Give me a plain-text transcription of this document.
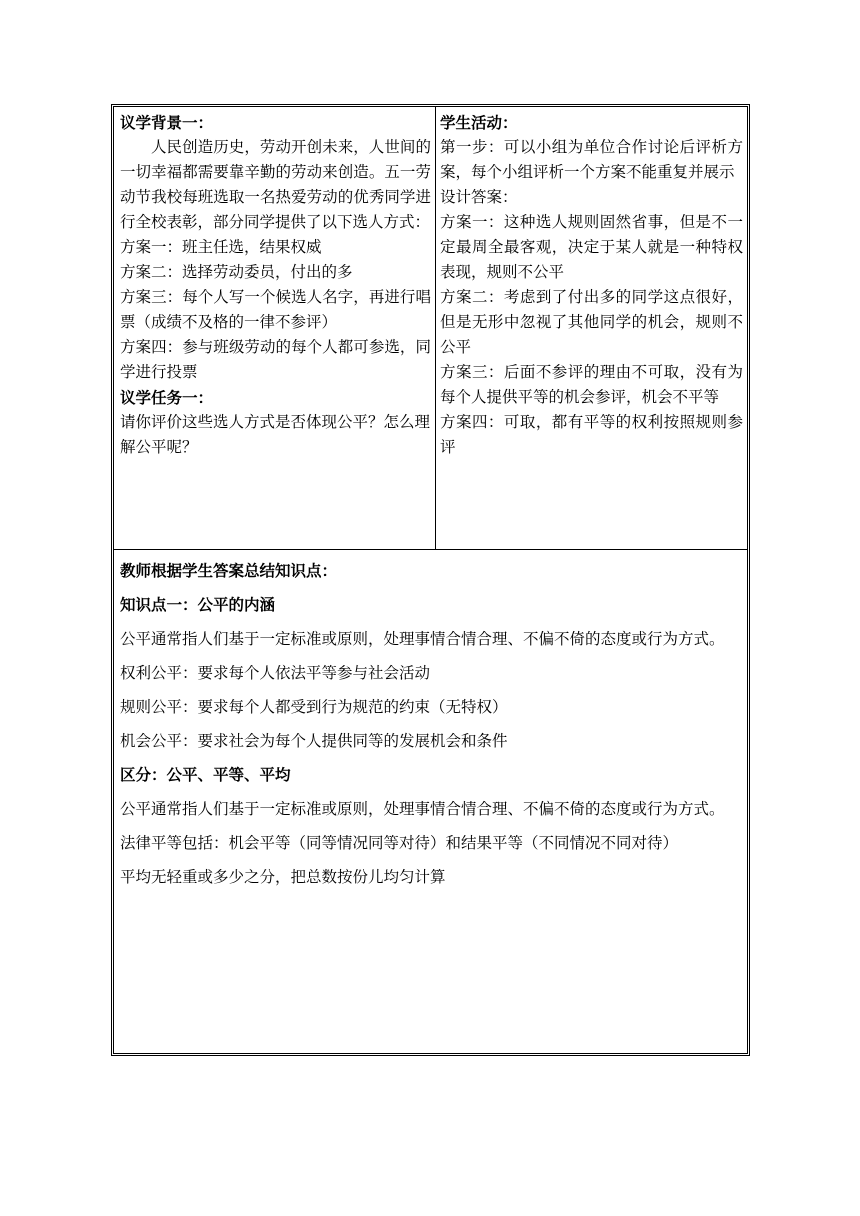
议学背景一：

人民创造历史，劳动开创未来，人世间的一切幸福都需要靠辛勤的劳动来创造。五一劳动节我校每班选取一名热爱劳动的优秀同学进行全校表彰，部分同学提供了以下选人方式：

方案一：班主任选，结果权威

方案二：选择劳动委员，付出的多

方案三：每个人写一个候选人名字，再进行唱票（成绩不及格的一律不参评）

方案四：参与班级劳动的每个人都可参选，同学进行投票

议学任务一：

请你评价这些选人方式是否体现公平？怎么理解公平呢？

学生活动：

第一步：可以小组为单位合作讨论后评析方案，每个小组评析一个方案不能重复并展示

设计答案：

方案一：这种选人规则固然省事，但是不一定最周全最客观，决定于某人就是一种特权表现，规则不公平

方案二：考虑到了付出多的同学这点很好，但是无形中忽视了其他同学的机会，规则不公平

方案三：后面不参评的理由不可取，没有为每个人提供平等的机会参评，机会不平等

方案四：可取，都有平等的权利按照规则参评

教师根据学生答案总结知识点：

知识点一：公平的内涵

公平通常指人们基于一定标准或原则，处理事情合情合理、不偏不倚的态度或行为方式。

权利公平：要求每个人依法平等参与社会活动

规则公平：要求每个人都受到行为规范的约束（无特权）

机会公平：要求社会为每个人提供同等的发展机会和条件

区分：公平、平等、平均

公平通常指人们基于一定标准或原则，处理事情合情合理、不偏不倚的态度或行为方式。

法律平等包括：机会平等（同等情况同等对待）和结果平等（不同情况不同对待）

平均无轻重或多少之分，把总数按份儿均匀计算
